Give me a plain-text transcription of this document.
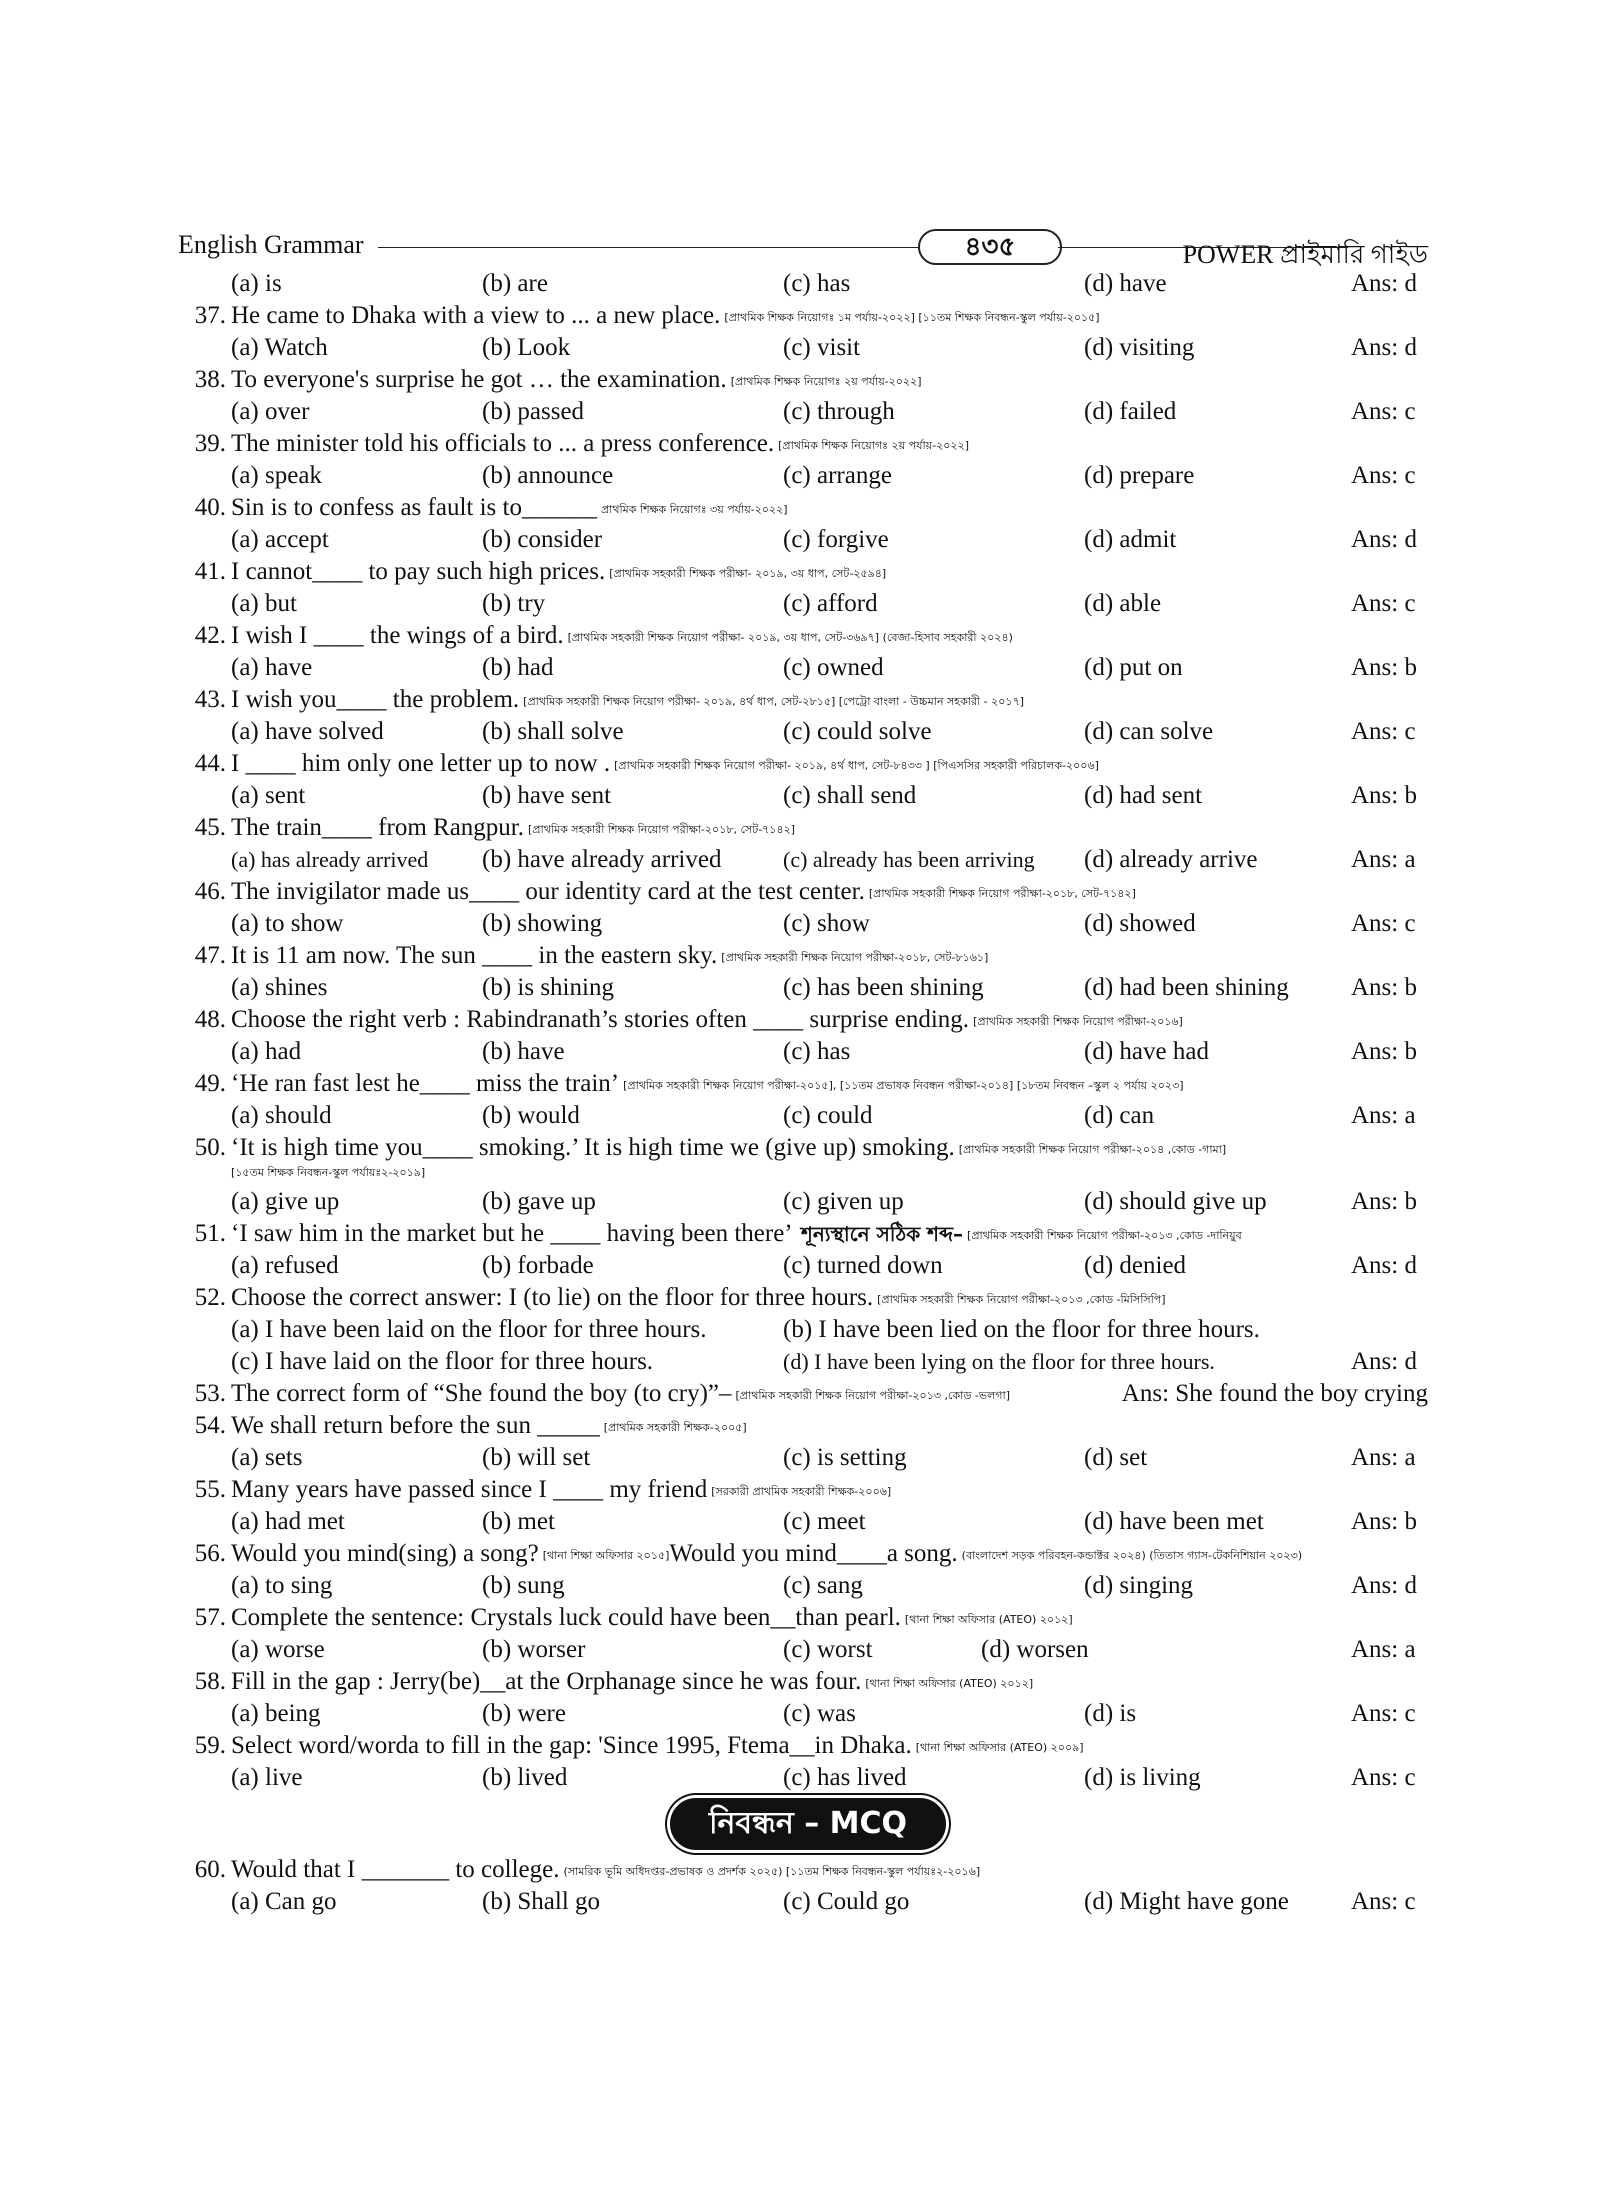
English Grammar	৪৩৫	POWER প্রাইমারি গাইড
(a) is	(b) are	(c) has	(d) have	Ans: d
37. He came to Dhaka with a view to ... a new place. [প্রাথমিক শিক্ষক নিয়োগঃ ১ম পর্যায়-২০২২] [১১তম শিক্ষক নিবন্ধন-স্কুল পর্যায়-২০১৫]
(a) Watch	(b) Look	(c) visit	(d) visiting	Ans: d
38. To everyone's surprise he got … the examination. [প্রাথমিক শিক্ষক নিয়োগঃ ২য় পর্যায়-২০২২]
(a) over	(b) passed	(c) through	(d) failed	Ans: c
39. The minister told his officials to ... a press conference. [প্রাথমিক শিক্ষক নিয়োগঃ ২য় পর্যায়-২০২২]
(a) speak	(b) announce	(c) arrange	(d) prepare	Ans: c
40. Sin is to confess as fault is to______ প্রাথমিক শিক্ষক নিয়োগঃ ৩য় পর্যায়-২০২২]
(a) accept	(b) consider	(c) forgive	(d) admit	Ans: d
41. I cannot____ to pay such high prices. [প্রাথমিক সহকারী শিক্ষক পরীক্ষা- ২০১৯, ৩য় ধাপ, সেট-২৫৯৪]
(a) but	(b) try	(c) afford	(d) able	Ans: c
42. I wish I ____ the wings of a bird. [প্রাথমিক সহকারী শিক্ষক নিয়োগ পরীক্ষা- ২০১৯, ৩য় ধাপ, সেট-৩৬৯৭] (বেজা-হিসাব সহকারী ২০২৪)
(a) have	(b) had	(c) owned	(d) put on	Ans: b
43. I wish you____ the problem. [প্রাথমিক সহকারী শিক্ষক নিয়োগ পরীক্ষা- ২০১৯, ৪র্থ ধাপ, সেট-২৮১৫] [পেট্রো বাংলা - উচ্চমান সহকারী - ২০১৭]
(a) have solved	(b) shall solve	(c) could solve	(d) can solve	Ans: c
44. I ____ him only one letter up to now . [প্রাথমিক সহকারী শিক্ষক নিয়োগ পরীক্ষা- ২০১৯, ৪র্থ ধাপ, সেট-৮৪৩৩ ] [পিএসসির সহকারী পরিচালক-২০০৬]
(a) sent	(b) have sent	(c) shall send	(d) had sent	Ans: b
45. The train____ from Rangpur. [প্রাথমিক সহকারী শিক্ষক নিয়োগ পরীক্ষা-২০১৮, সেট-৭১৪২]
(a) has already arrived (b) have already arrived	(c) already has been arriving (d) already arrive	Ans: a
46. The invigilator made us____ our identity card at the test center. [প্রাথমিক সহকারী শিক্ষক নিয়োগ পরীক্ষা-২০১৮, সেট-৭১৪২]
(a) to show	(b) showing	(c) show	(d) showed	Ans: c
47. It is 11 am now. The sun ____ in the eastern sky. [প্রাথমিক সহকারী শিক্ষক নিয়োগ পরীক্ষা-২০১৮, সেট-৮১৬১]
(a) shines	(b) is shining	(c) has been shining	(d) had been shining Ans: b
48. Choose the right verb : Rabindranath’s stories often ____ surprise ending. [প্রাথমিক সহকারী শিক্ষক নিয়োগ পরীক্ষা-২০১৬]
(a) had	(b) have	(c) has	(d) have had	Ans: b
49. ‘He ran fast lest he____ miss the train’ [প্রাথমিক সহকারী শিক্ষক নিয়োগ পরীক্ষা-২০১৫], [১১তম প্রভাষক নিবন্ধন পরীক্ষা-২০১৪] [১৮তম নিবন্ধন –স্কুল ২ পর্যায় ২০২৩]
(a) should	(b) would	(c) could	(d) can	Ans: a
50. ‘It is high time you____ smoking.’ It is high time we (give up) smoking. [প্রাথমিক সহকারী শিক্ষক নিয়োগ পরীক্ষা-২০১৪ ,কোড -গামা]
[১৫তম শিক্ষক নিবন্ধন-স্কুল পর্যায়ঃ২-২০১৯]
(a) give up	(b) gave up	(c) given up	(d) should give up	Ans: b
51. ‘I saw him in the market but he ____ having been there’ শূন্যস্থানে সঠিক শব্দ– [প্রাথমিক সহকারী শিক্ষক নিয়োগ পরীক্ষা-২০১৩ ,কোড -দানিয়ুব
(a) refused	(b) forbade	(c) turned down	(d) denied	Ans: d
52. Choose the correct answer: I (to lie) on the floor for three hours. [প্রাথমিক সহকারী শিক্ষক নিয়োগ পরীক্ষা-২০১৩ ,কোড -মিসিসিপি]
(a) I have been laid on the floor for three hours.	(b) I have been lied on the floor for three hours.
(c) I have laid on the floor for three hours.	(d) I have been lying on the floor for three hours.	Ans: d
53. The correct form of “She found the boy (to cry)”– [প্রাথমিক সহকারী শিক্ষক নিয়োগ পরীক্ষা-২০১৩ ,কোড -ভলগা]	Ans: She found the boy crying
54. We shall return before the sun _____ [প্রাথমিক সহকারী শিক্ষক-২০০৫]
(a) sets	(b) will set	(c) is setting	(d) set	Ans: a
55. Many years have passed since I ____ my friend [সরকারী প্রাথমিক সহকারী শিক্ষক-২০০৬]
(a) had met	(b) met	(c) meet	(d) have been met	Ans: b
56. Would you mind(sing) a song? [থানা শিক্ষা অফিসার ২০১৫]Would you mind____a song. (বাংলাদেশ সড়ক পরিবহন-কন্ডাক্টর ২০২৪) (তিতাস গ্যাস-টেকনিশিয়ান ২০২৩)
(a) to sing	(b) sung	(c) sang	(d) singing	Ans: d
57. Complete the sentence: Crystals luck could have been__than pearl. [থানা শিক্ষা অফিসার (ATEO) ২০১২]
(a) worse	(b) worser	(c) worst	(d) worsen	Ans: a
58. Fill in the gap : Jerry(be)__at the Orphanage since he was four. [থানা শিক্ষা অফিসার (ATEO) ২০১২]
(a) being	(b) were	(c) was	(d) is	Ans: c
59. Select word/worda to fill in the gap: 'Since 1995, Ftema__in Dhaka. [থানা শিক্ষা অফিসার (ATEO) ২০০৯]
(a) live	(b) lived	(c) has lived	(d) is living	Ans: c
নিবন্ধন – MCQ
60. Would that I _______ to college. (সামরিক ভূমি অধিদপ্তর-প্রভাষক ও প্রদর্শক ২০২৫) [১১তম শিক্ষক নিবন্ধন-স্কুল পর্যায়ঃ২-২০১৬]
(a) Can go	(b) Shall go	(c) Could go	(d) Might have gone Ans: c
